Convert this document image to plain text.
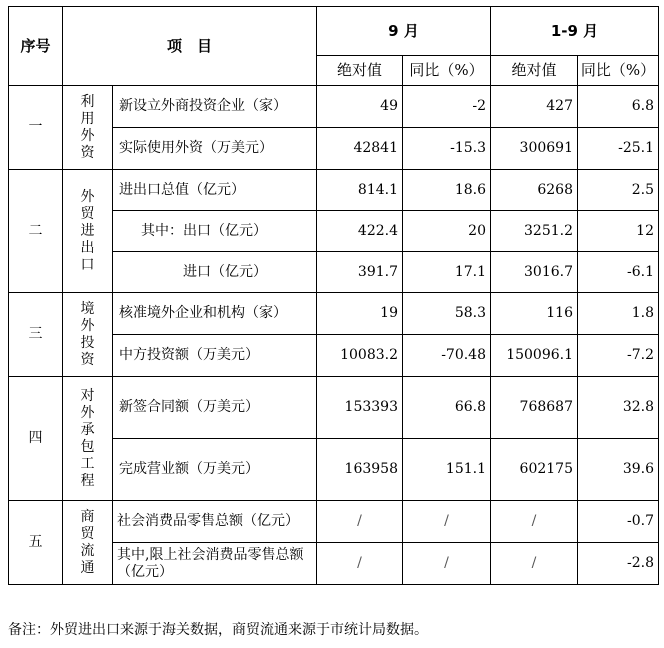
序号	项　目		9 月		1-9 月	
			绝对值	同比（%）	绝对值	同比（%）
一	利用外资	新设立外商投资企业（家）	49	-2	427	6.8
		实际使用外资（万美元）	42841	-15.3	300691	-25.1
二	外贸进出口	进出口总值（亿元）	814.1	18.6	6268	2.5
		其中：出口（亿元）	422.4	20	3251.2	12
		进口（亿元）	391.7	17.1	3016.7	-6.1
三	境外投资	核准境外企业和机构（家）	19	58.3	116	1.8
		中方投资额（万美元）	10083.2	-70.48	150096.1	-7.2
四	对外承包工程	新签合同额（万美元）	153393	66.8	768687	32.8
		完成营业额（万美元）	163958	151.1	602175	39.6
五	商贸流通	社会消费品零售总额（亿元）	/	/	/	-0.7
		其中,限上社会消费品零售总额（亿元）	/	/	/	-2.8
备注：外贸进出口来源于海关数据，商贸流通来源于市统计局数据。
